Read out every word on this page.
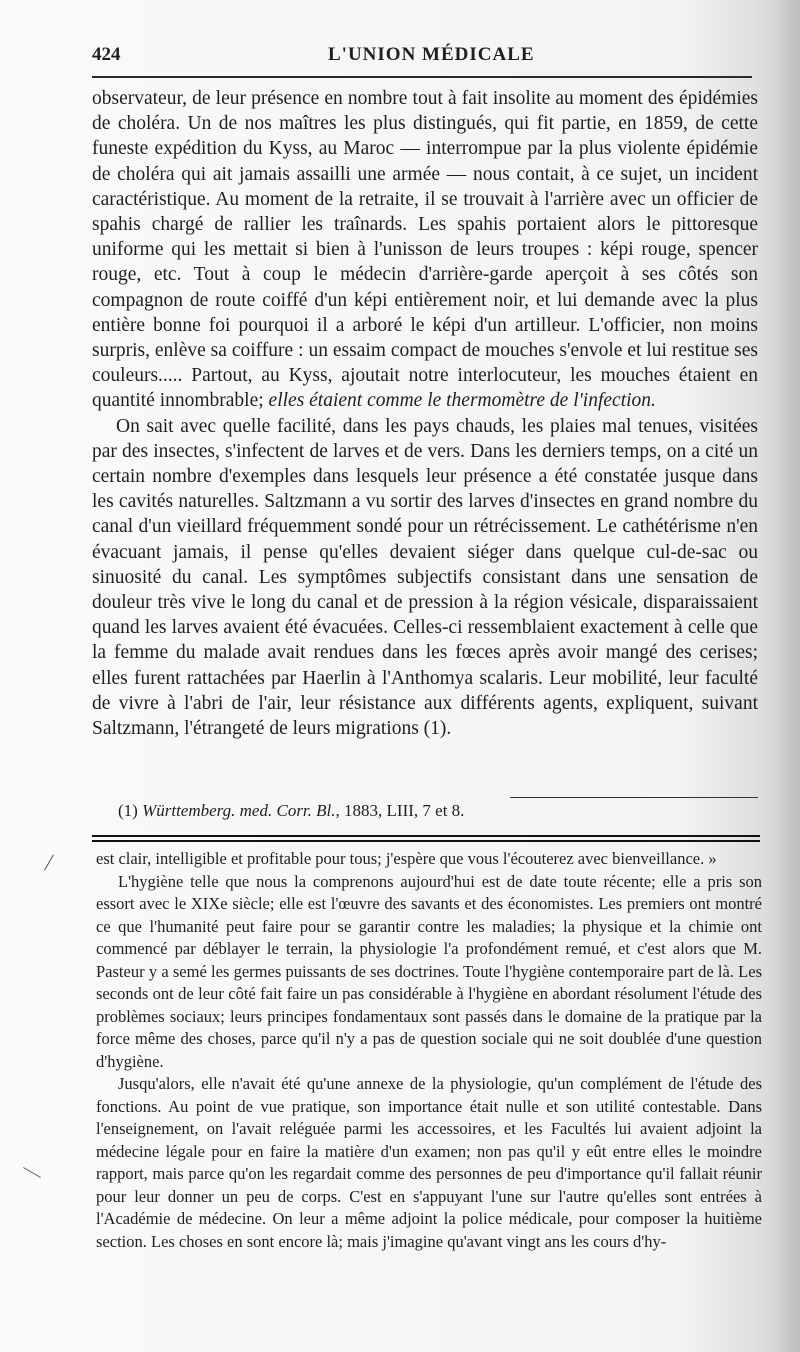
424	L'UNION MÉDICALE

observateur, de leur présence en nombre tout à fait insolite au moment des épidémies de choléra. Un de nos maîtres les plus distingués, qui fit partie, en 1859, de cette funeste expédition du Kyss, au Maroc — interrompue par la plus violente épidémie de choléra qui ait jamais assailli une armée — nous contait, à ce sujet, un incident caractéristique. Au moment de la retraite, il se trouvait à l'arrière avec un officier de spahis chargé de rallier les traînards. Les spahis portaient alors le pittoresque uniforme qui les mettait si bien à l'unisson de leurs troupes : képi rouge, spencer rouge, etc. Tout à coup le médecin d'arrière-garde aperçoit à ses côtés son compagnon de route coiffé d'un képi entièrement noir, et lui demande avec la plus entière bonne foi pourquoi il a arboré le képi d'un artilleur. L'officier, non moins surpris, enlève sa coiffure : un essaim compact de mouches s'envole et lui restitue ses couleurs..... Partout, au Kyss, ajoutait notre interlocuteur, les mouches étaient en quantité innombrable; elles étaient comme le thermomètre de l'infection.

On sait avec quelle facilité, dans les pays chauds, les plaies mal tenues, visitées par des insectes, s'infectent de larves et de vers. Dans les derniers temps, on a cité un certain nombre d'exemples dans lesquels leur présence a été constatée jusque dans les cavités naturelles. Saltzmann a vu sortir des larves d'insectes en grand nombre du canal d'un vieillard fréquemment sondé pour un rétrécissement. Le cathétérisme n'en évacuant jamais, il pense qu'elles devaient siéger dans quelque cul-de-sac ou sinuosité du canal. Les symptômes subjectifs consistant dans une sensation de douleur très vive le long du canal et de pression à la région vésicale, disparaissaient quand les larves avaient été évacuées. Celles-ci ressemblaient exactement à celle que la femme du malade avait rendues dans les fœces après avoir mangé des cerises; elles furent rattachées par Haerlin à l'Anthomya scalaris. Leur mobilité, leur faculté de vivre à l'abri de l'air, leur résistance aux différents agents, expliquent, suivant Saltzmann, l'étrangeté de leurs migrations (1).

(1) Württemberg. med. Corr. Bl., 1883, LIII, 7 et 8.

est clair, intelligible et profitable pour tous; j'espère que vous l'écouterez avec bienveillance. »

L'hygiène telle que nous la comprenons aujourd'hui est de date toute récente; elle a pris son essort avec le XIXe siècle; elle est l'œuvre des savants et des économistes. Les premiers ont montré ce que l'humanité peut faire pour se garantir contre les maladies; la physique et la chimie ont commencé par déblayer le terrain, la physiologie l'a profondément remué, et c'est alors que M. Pasteur y a semé les germes puissants de ses doctrines. Toute l'hygiène contemporaire part de là. Les seconds ont de leur côté fait faire un pas considérable à l'hygiène en abordant résolument l'étude des problèmes sociaux; leurs principes fondamentaux sont passés dans le domaine de la pratique par la force même des choses, parce qu'il n'y a pas de question sociale qui ne soit doublée d'une question d'hygiène.

Jusqu'alors, elle n'avait été qu'une annexe de la physiologie, qu'un complément de l'étude des fonctions. Au point de vue pratique, son importance était nulle et son utilité contestable. Dans l'enseignement, on l'avait reléguée parmi les accessoires, et les Facultés lui avaient adjoint la médecine légale pour en faire la matière d'un examen; non pas qu'il y eût entre elles le moindre rapport, mais parce qu'on les regardait comme des personnes de peu d'importance qu'il fallait réunir pour leur donner un peu de corps. C'est en s'appuyant l'une sur l'autre qu'elles sont entrées à l'Académie de médecine. On leur a même adjoint la police médicale, pour composer la huitième section. Les choses en sont encore là; mais j'imagine qu'avant vingt ans les cours d'hy-
